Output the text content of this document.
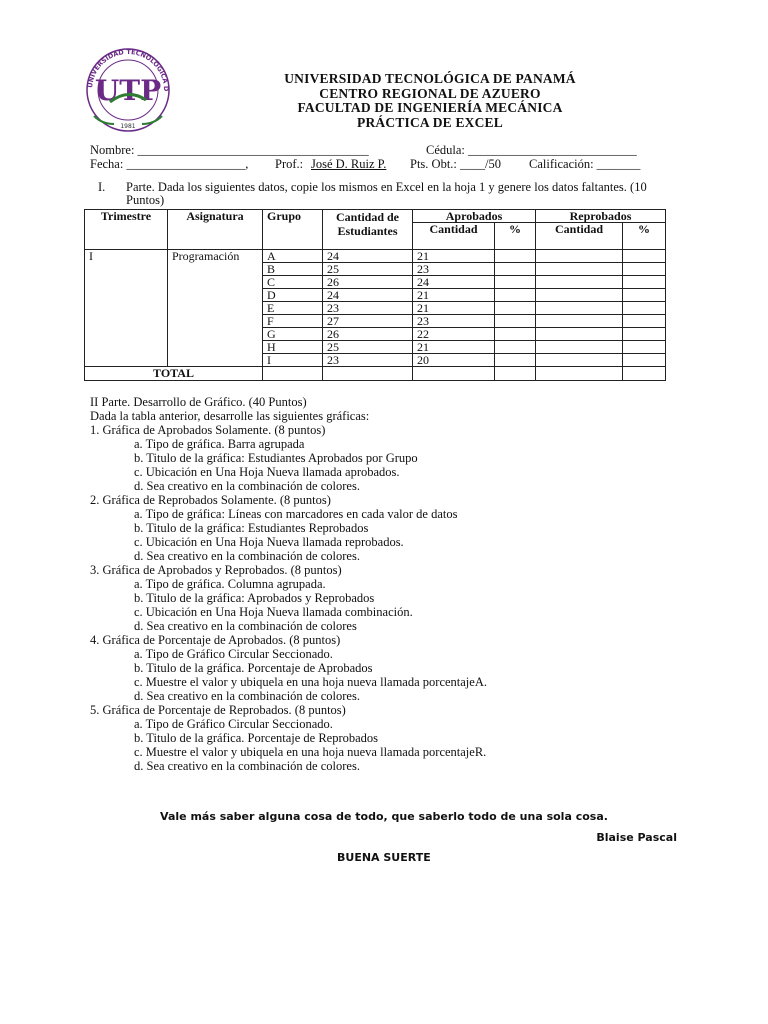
UNIVERSIDAD TECNOLÓGICA D
UTP
1981
UNIVERSIDAD TECNOLÓGICA DE PANAMÁ
CENTRO REGIONAL DE AZUERO
FACULTAD DE INGENIERÍA MECÁNICA
PRÁCTICA DE EXCEL
Nombre: _____________________________________	Cédula: ___________________________
Fecha: ___________________, Prof.: José D. Ruiz P. Pts. Obt.: ____/50 Calificación: _______
I. Parte. Dada los siguientes datos, copie los mismos en Excel en la hoja 1 y genere los datos faltantes. (10 Puntos)
Trimestre	Asignatura	Grupo	Cantidad de Estudiantes	Aprobados		Reprobados	
				Cantidad	%	Cantidad	%
I	Programación	A	24	21			
		B	25	23			
		C	26	24			
		D	24	21			
		E	23	21			
		F	27	23			
		G	26	22			
		H	25	21			
		I	23	20			
TOTAL							
II Parte. Desarrollo de Gráfico. (40 Puntos)
Dada la tabla anterior, desarrolle las siguientes gráficas:
1. Gráfica de Aprobados Solamente. (8 puntos)
a. Tipo de gráfica. Barra agrupada
b. Titulo de la gráfica: Estudiantes Aprobados por Grupo
c. Ubicación en Una Hoja Nueva llamada aprobados.
d. Sea creativo en la combinación de colores.
2. Gráfica de Reprobados Solamente. (8 puntos)
a. Tipo de gráfica: Líneas con marcadores en cada valor de datos
b. Titulo de la gráfica: Estudiantes Reprobados
c. Ubicación en Una Hoja Nueva llamada reprobados.
d. Sea creativo en la combinación de colores.
3. Gráfica de Aprobados y Reprobados. (8 puntos)
a. Tipo de gráfica. Columna agrupada.
b. Titulo de la gráfica: Aprobados y Reprobados
c. Ubicación en Una Hoja Nueva llamada combinación.
d. Sea creativo en la combinación de colores
4. Gráfica de Porcentaje de Aprobados. (8 puntos)
a. Tipo de Gráfico Circular Seccionado.
b. Titulo de la gráfica. Porcentaje de Aprobados
c. Muestre el valor y ubiquela en una hoja nueva llamada porcentajeA.
d. Sea creativo en la combinación de colores.
5. Gráfica de Porcentaje de Reprobados. (8 puntos)
a. Tipo de Gráfico Circular Seccionado.
b. Titulo de la gráfica. Porcentaje de Reprobados
c. Muestre el valor y ubiquela en una hoja nueva llamada porcentajeR.
d. Sea creativo en la combinación de colores.
Vale más saber alguna cosa de todo, que saberlo todo de una sola cosa.
Blaise Pascal
BUENA SUERTE
